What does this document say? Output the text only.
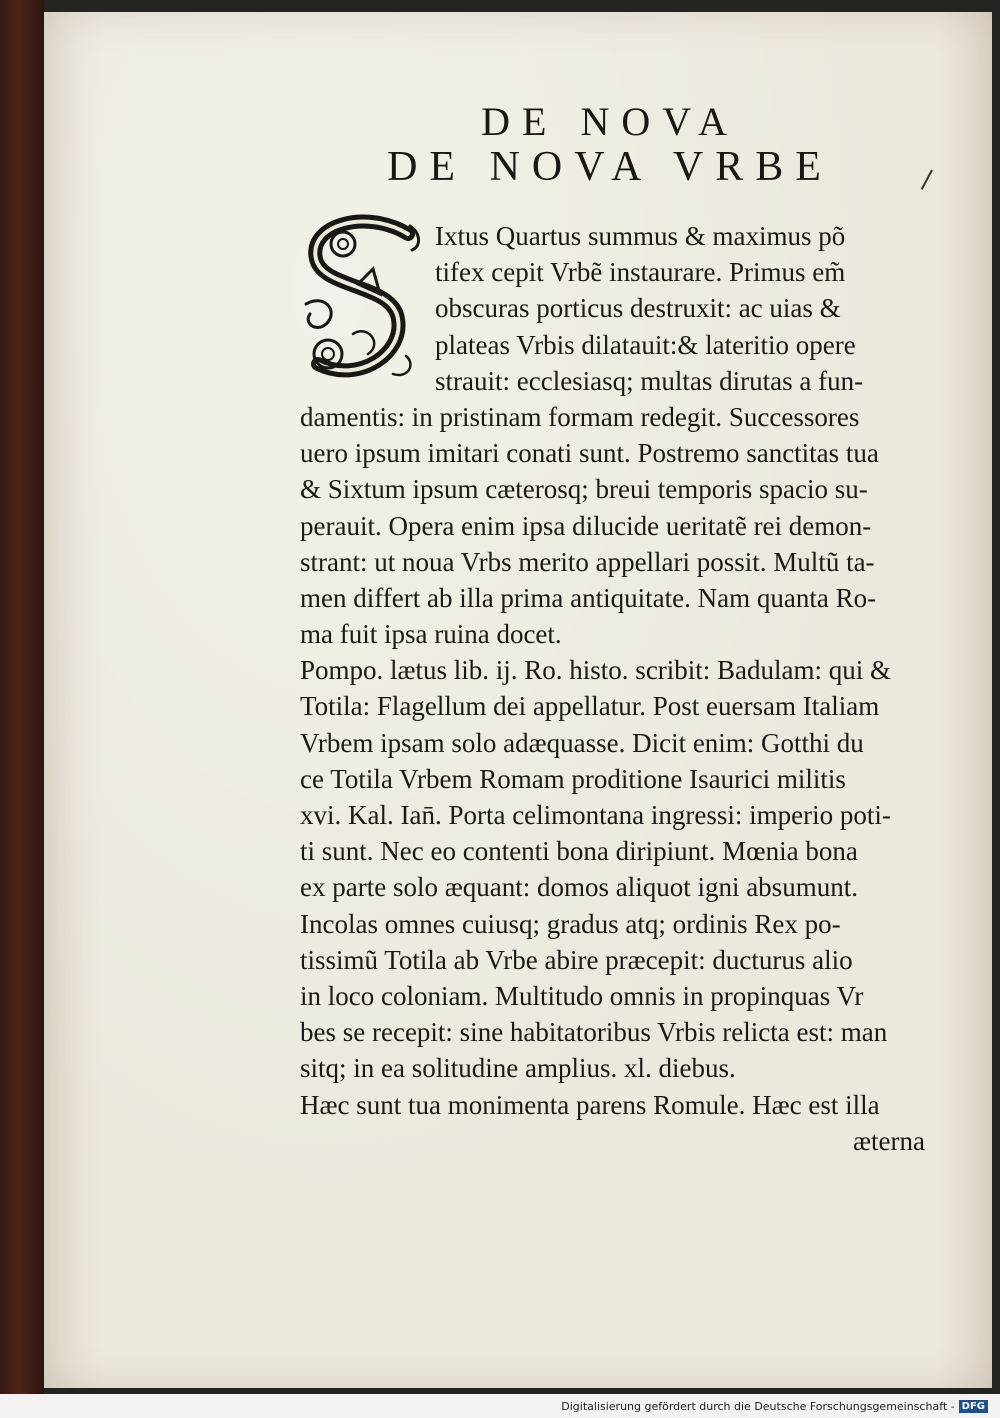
DE NOVA
DE NOVA VRBE
Ixtus Quartus summus & maximus põ
tifex cepit Vrbẽ instaurare. Primus em̃
obscuras porticus destruxit: ac uias &
plateas Vrbis dilatauit:& lateritio opere
strauit: ecclesiasq; multas dirutas a fun-
damentis: in pristinam formam redegit. Successores
uero ipsum imitari conati sunt. Postremo sanctitas tua
& Sixtum ipsum cæterosq; breui temporis spacio su-
perauit. Opera enim ipsa dilucide ueritatẽ rei demon-
strant: ut noua Vrbs merito appellari possit. Multũ ta-
men differt ab illa prima antiquitate. Nam quanta Ro-
ma fuit ipsa ruina docet.
Pompo. lætus lib. ij. Ro. histo. scribit: Badulam: qui &
Totila: Flagellum dei appellatur. Post euersam Italiam
Vrbem ipsam solo adæquasse. Dicit enim: Gotthi du
ce Totila Vrbem Romam proditione Isaurici militis
xvi. Kal. Ian̄. Porta celimontana ingressi: imperio poti-
ti sunt. Nec eo contenti bona diripiunt. Mœnia bona
ex parte solo æquant: domos aliquot igni absumunt.
Incolas omnes cuiusq; gradus atq; ordinis Rex po-
tissimũ Totila ab Vrbe abire præcepit: ducturus alio
in loco coloniam. Multitudo omnis in propinquas Vr
bes se recepit: sine habitatoribus Vrbis relicta est: man
sitq; in ea solitudine amplius. xl. diebus.
Hæc sunt tua monimenta parens Romule. Hæc est illa
æterna
Digitalisierung gefördert durch die Deutsche Forschungsgemeinschaft - DFG
